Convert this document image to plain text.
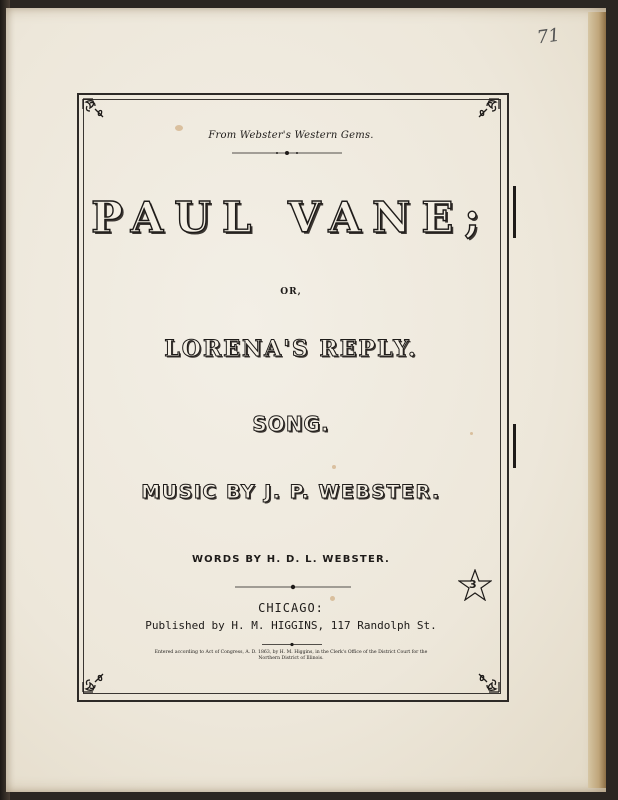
71
From Webster's Western Gems.
PAUL VANE;
OR,
LORENA'S REPLY.
SONG.
MUSIC BY J. P. WEBSTER.
WORDS BY H. D. L. WEBSTER.
CHICAGO:
Published by H. M. HIGGINS, 117 Randolph St.
Entered according to Act of Congress, A. D. 1863, by H. M. Higgins, in the Clerk's Office of the District Court for the
Northern District of Illinois.
3
